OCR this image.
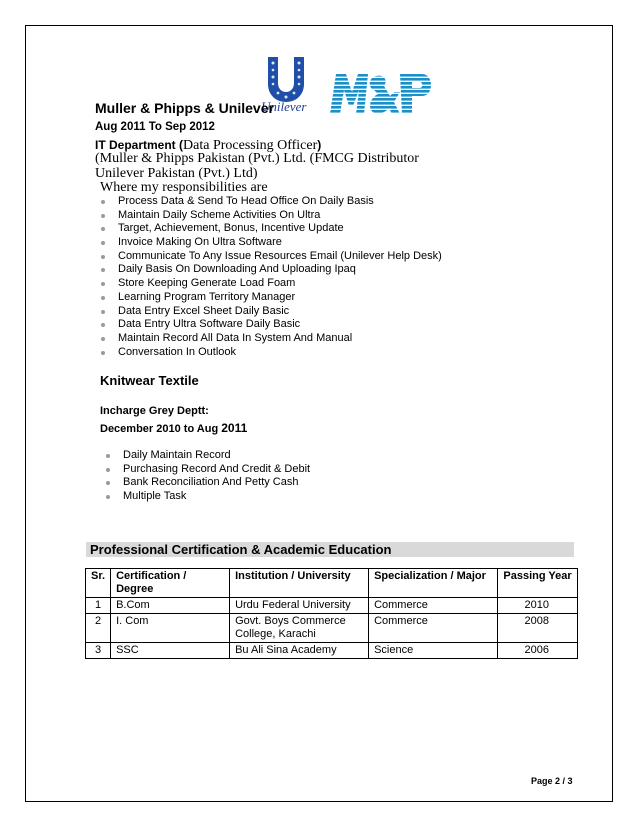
Unilever
Muller & Phipps & Unilever
Aug 2011 To Sep 2012
IT Department (Data Processing Officer)
(Muller & Phipps Pakistan (Pvt.) Ltd. (FMCG Distributor
Unilever Pakistan (Pvt.) Ltd)
Where my responsibilities are
Process Data & Send To Head Office On Daily Basis
Maintain Daily Scheme Activities On Ultra
Target, Achievement, Bonus, Incentive Update
Invoice Making On Ultra Software
Communicate To Any Issue Resources Email (Unilever Help Desk)
Daily Basis On Downloading And Uploading Ipaq
Store Keeping Generate Load Foam
Learning Program Territory Manager
Data Entry Excel Sheet Daily Basic
Data Entry Ultra Software Daily Basic
Maintain Record All Data In System And Manual
Conversation In Outlook
Knitwear Textile
Incharge Grey Deptt:
December 2010 to Aug 2011
Daily Maintain Record
Purchasing Record And Credit & Debit
Bank Reconciliation And Petty Cash
Multiple Task
Professional Certification & Academic Education
Sr.	Certification / Degree	Institution / University	Specialization / Major	Passing Year
1	B.Com	Urdu Federal University	Commerce	2010
2	I. Com	Govt. Boys Commerce
College, Karachi	Commerce	2008
3	SSC	Bu Ali Sina Academy	Science	2006
Page 2 / 3
